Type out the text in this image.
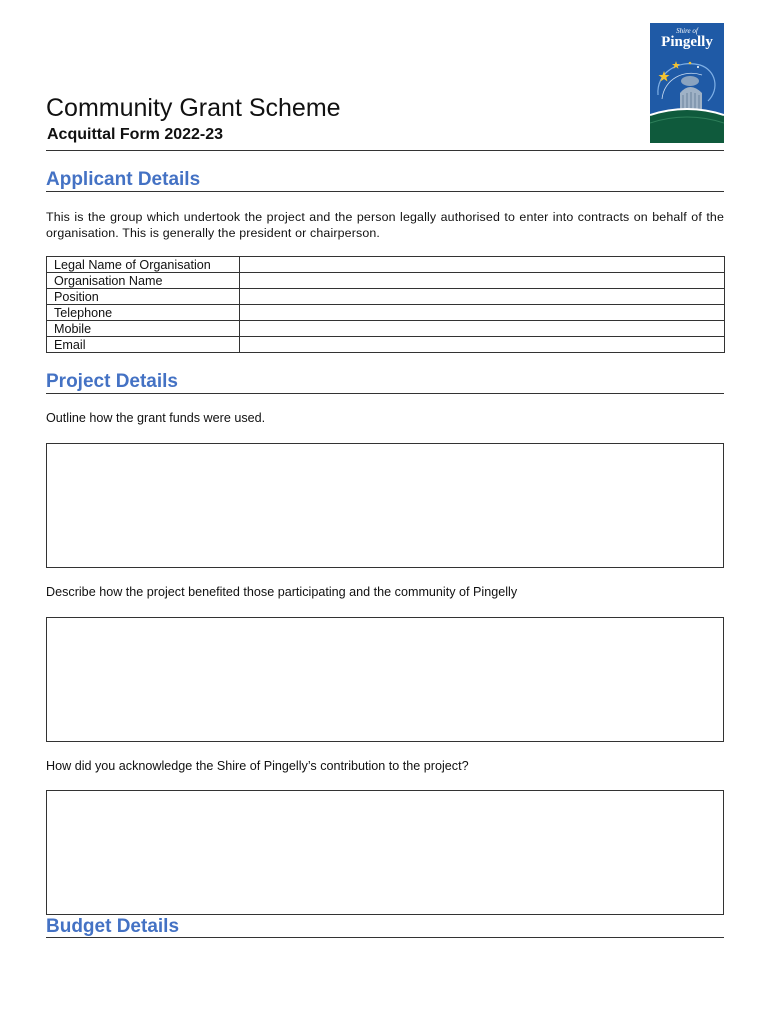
Shire of
Pingelly
Community Grant Scheme
Acquittal Form 2022-23
Applicant Details
This is the group which undertook the project and the person legally authorised to enter into contracts on behalf of the organisation. This is generally the president or chairperson.
Legal Name of Organisation	
Organisation Name	
Position	
Telephone	
Mobile	
Email	
Project Details
Outline how the grant funds were used.
Describe how the project benefited those participating and the community of Pingelly
How did you acknowledge the Shire of Pingelly’s contribution to the project?
Budget Details
